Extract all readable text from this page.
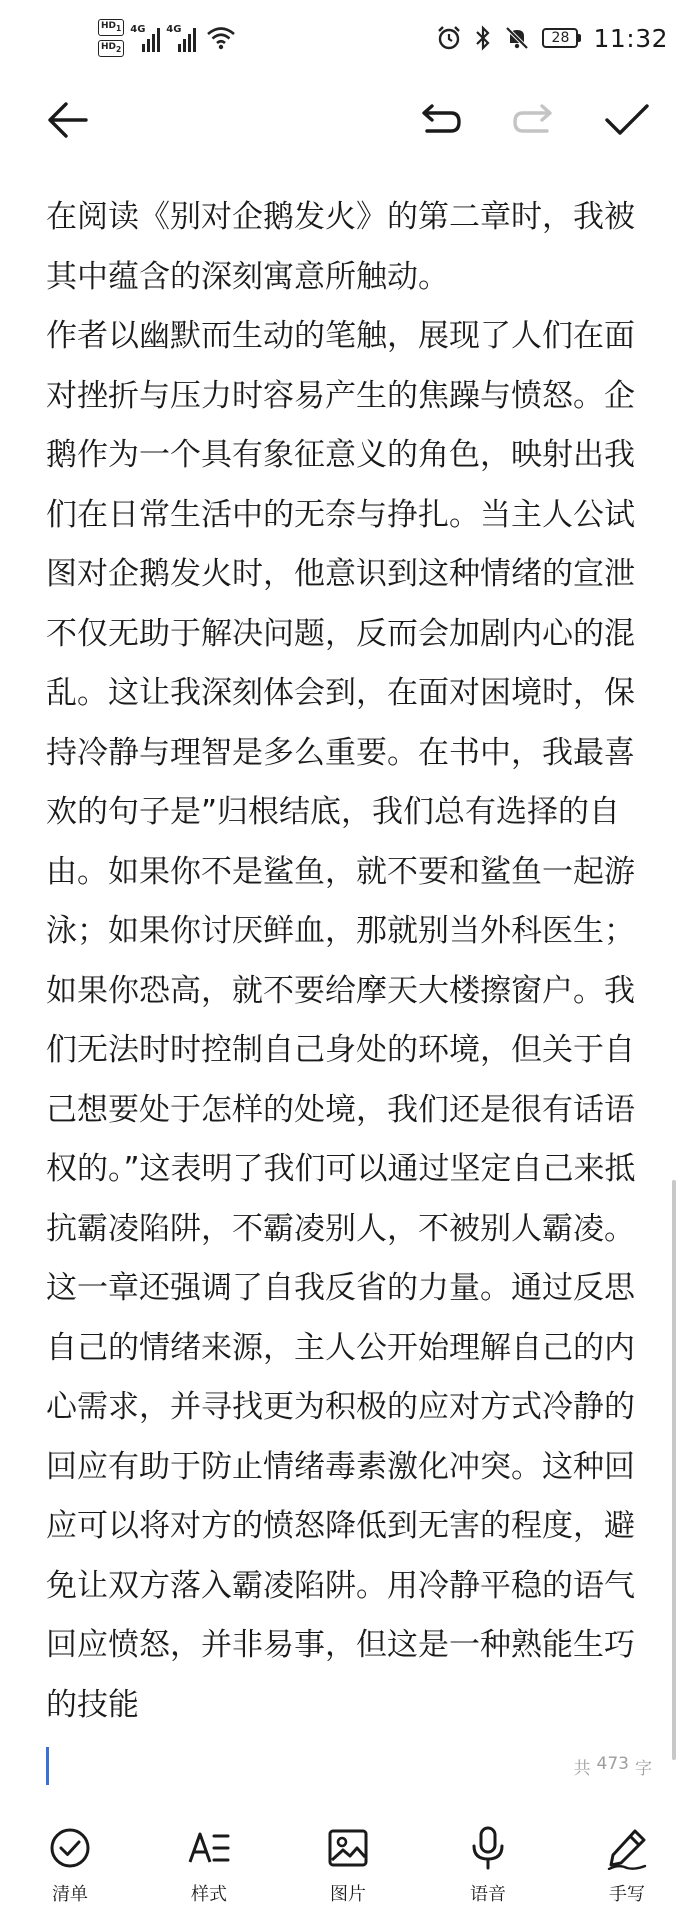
$HD_1$
$HD_2$
4G 4G
28 11:32

在阅读《别对企鹅发火》的第二章时，我被其中蕴含的深刻寓意所触动。

作者以幽默而生动的笔触，展现了人们在面对挫折与压力时容易产生的焦躁与愤怒。企鹅作为一个具有象征意义的角色，映射出我们在日常生活中的无奈与挣扎。当主人公试图对企鹅发火时，他意识到这种情绪的宣泄不仅无助于解决问题，反而会加剧内心的混乱。这让我深刻体会到，在面对困境时，保持冷静与理智是多么重要。在书中，我最喜欢的句子是”归根结底，我们总有选择的自由。如果你不是鲨鱼，就不要和鲨鱼一起游泳；如果你讨厌鲜血，那就别当外科医生；如果你恐高，就不要给摩天大楼擦窗户。我们无法时时控制自己身处的环境，但关于自己想要处于怎样的处境，我们还是很有话语权的。”这表明了我们可以通过坚定自己来抵抗霸凌陷阱，不霸凌别人，不被别人霸凌。

这一章还强调了自我反省的力量。通过反思自己的情绪来源，主人公开始理解自己的内心需求，并寻找更为积极的应对方式冷静的回应有助于防止情绪毒素激化冲突。这种回应可以将对方的愤怒降低到无害的程度，避免让双方落入霸凌陷阱。用冷静平稳的语气回应愤怒，并非易事，但这是一种熟能生巧的技能

共 473 字
清单	样式	图片	语音	手写
